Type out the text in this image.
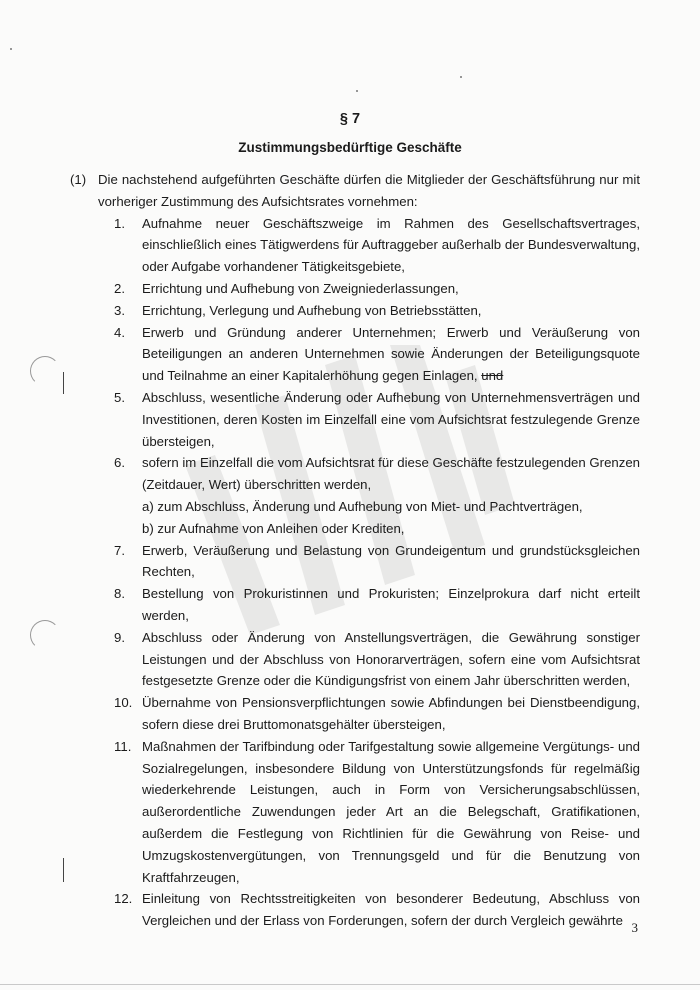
§ 7
Zustimmungsbedürftige Geschäfte
(1) Die nachstehend aufgeführten Geschäfte dürfen die Mitglieder der Geschäftsführung nur mit vorheriger Zustimmung des Aufsichtsrates vornehmen:
1. Aufnahme neuer Geschäftszweige im Rahmen des Gesellschaftsvertrages, einschließlich eines Tätigwerdens für Auftraggeber außerhalb der Bundesverwaltung, oder Aufgabe vorhandener Tätigkeitsgebiete,
2. Errichtung und Aufhebung von Zweigniederlassungen,
3. Errichtung, Verlegung und Aufhebung von Betriebsstätten,
4. Erwerb und Gründung anderer Unternehmen; Erwerb und Veräußerung von Beteiligungen an anderen Unternehmen sowie Änderungen der Beteiligungsquote und Teilnahme an einer Kapitalerhöhung gegen Einlagen, und
5. Abschluss, wesentliche Änderung oder Aufhebung von Unternehmensverträgen und Investitionen, deren Kosten im Einzelfall eine vom Aufsichtsrat festzulegende Grenze übersteigen,
6. sofern im Einzelfall die vom Aufsichtsrat für diese Geschäfte festzulegenden Grenzen (Zeitdauer, Wert) überschritten werden,
a) zum Abschluss, Änderung und Aufhebung von Miet- und Pachtverträgen,
b) zur Aufnahme von Anleihen oder Krediten,
7. Erwerb, Veräußerung und Belastung von Grundeigentum und grundstücksgleichen Rechten,
8. Bestellung von Prokuristinnen und Prokuristen; Einzelprokura darf nicht erteilt werden,
9. Abschluss oder Änderung von Anstellungsverträgen, die Gewährung sonstiger Leistungen und der Abschluss von Honorarverträgen, sofern eine vom Aufsichtsrat festgesetzte Grenze oder die Kündigungsfrist von einem Jahr überschritten werden,
10. Übernahme von Pensionsverpflichtungen sowie Abfindungen bei Dienstbeendigung, sofern diese drei Bruttomonatsgehälter übersteigen,
11. Maßnahmen der Tarifbindung oder Tarifgestaltung sowie allgemeine Vergütungs- und Sozialregelungen, insbesondere Bildung von Unterstützungsfonds für regelmäßig wiederkehrende Leistungen, auch in Form von Versicherungsabschlüssen, außerordentliche Zuwendungen jeder Art an die Belegschaft, Gratifikationen, außerdem die Festlegung von Richtlinien für die Gewährung von Reise- und Umzugskostenvergütungen, von Trennungsgeld und für die Benutzung von Kraftfahrzeugen,
12. Einleitung von Rechtsstreitigkeiten von besonderer Bedeutung, Abschluss von Vergleichen und der Erlass von Forderungen, sofern der durch Vergleich gewährte 3
